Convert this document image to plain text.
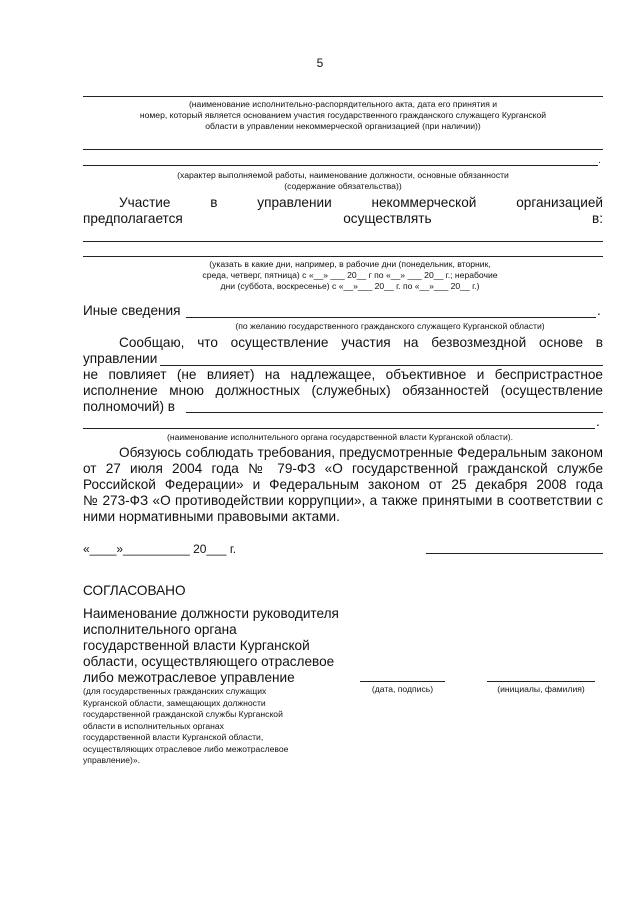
5
(наименование исполнительно-распорядительного акта, дата его принятия и
номер, который является основанием участия государственного гражданского служащего Курганской
области в управлении некоммерческой организацией (при наличии))
.
(характер выполняемой работы, наименование должности, основные обязанности
(содержание обязательства))
Участие	в	управлении	некоммерческой	организацией
предполагается	осуществлять	в:
(указать в какие дни, например, в рабочие дни (понедельник, вторник,
среда, четверг, пятница) с «__» ___ 20__ г по «__» ___ 20__ г.; нерабочие
дни (суббота, воскресенье) с «__»___ 20__ г. по «__»___ 20__ г.)
Иные сведения	.
(по желанию государственного гражданского служащего Курганской области)
Сообщаю, что осуществление участия на безвозмездной основе в
управлении
не повлияет (не влияет) на надлежащее, объективное и беспристрастное
исполнение мною должностных (служебных) обязанностей (осуществление
полномочий) в
.
(наименование исполнительного органа государственной власти Курганской области).
Обязуюсь соблюдать требования, предусмотренные Федеральным законом
от 27 июля 2004 года № 79-ФЗ «О государственной гражданской службе
Российской Федерации» и Федеральным законом от 25 декабря 2008 года
№ 273-ФЗ «О противодействии коррупции», а также принятыми в соответствии с
ними нормативными правовыми актами.
«____»__________ 20___ г.
СОГЛАСОВАНО
Наименование должности руководителя
исполнительного органа
государственной власти Курганской
области, осуществляющего отраслевое
либо межотраслевое управление
(для государственных гражданских служащих
Курганской области, замещающих должности
государственной гражданской службы Курганской
области в исполнительных органах
государственной власти Курганской области,
осуществляющих отраслевое либо межотраслевое
управление)».
(дата, подпись)	(инициалы, фамилия)
